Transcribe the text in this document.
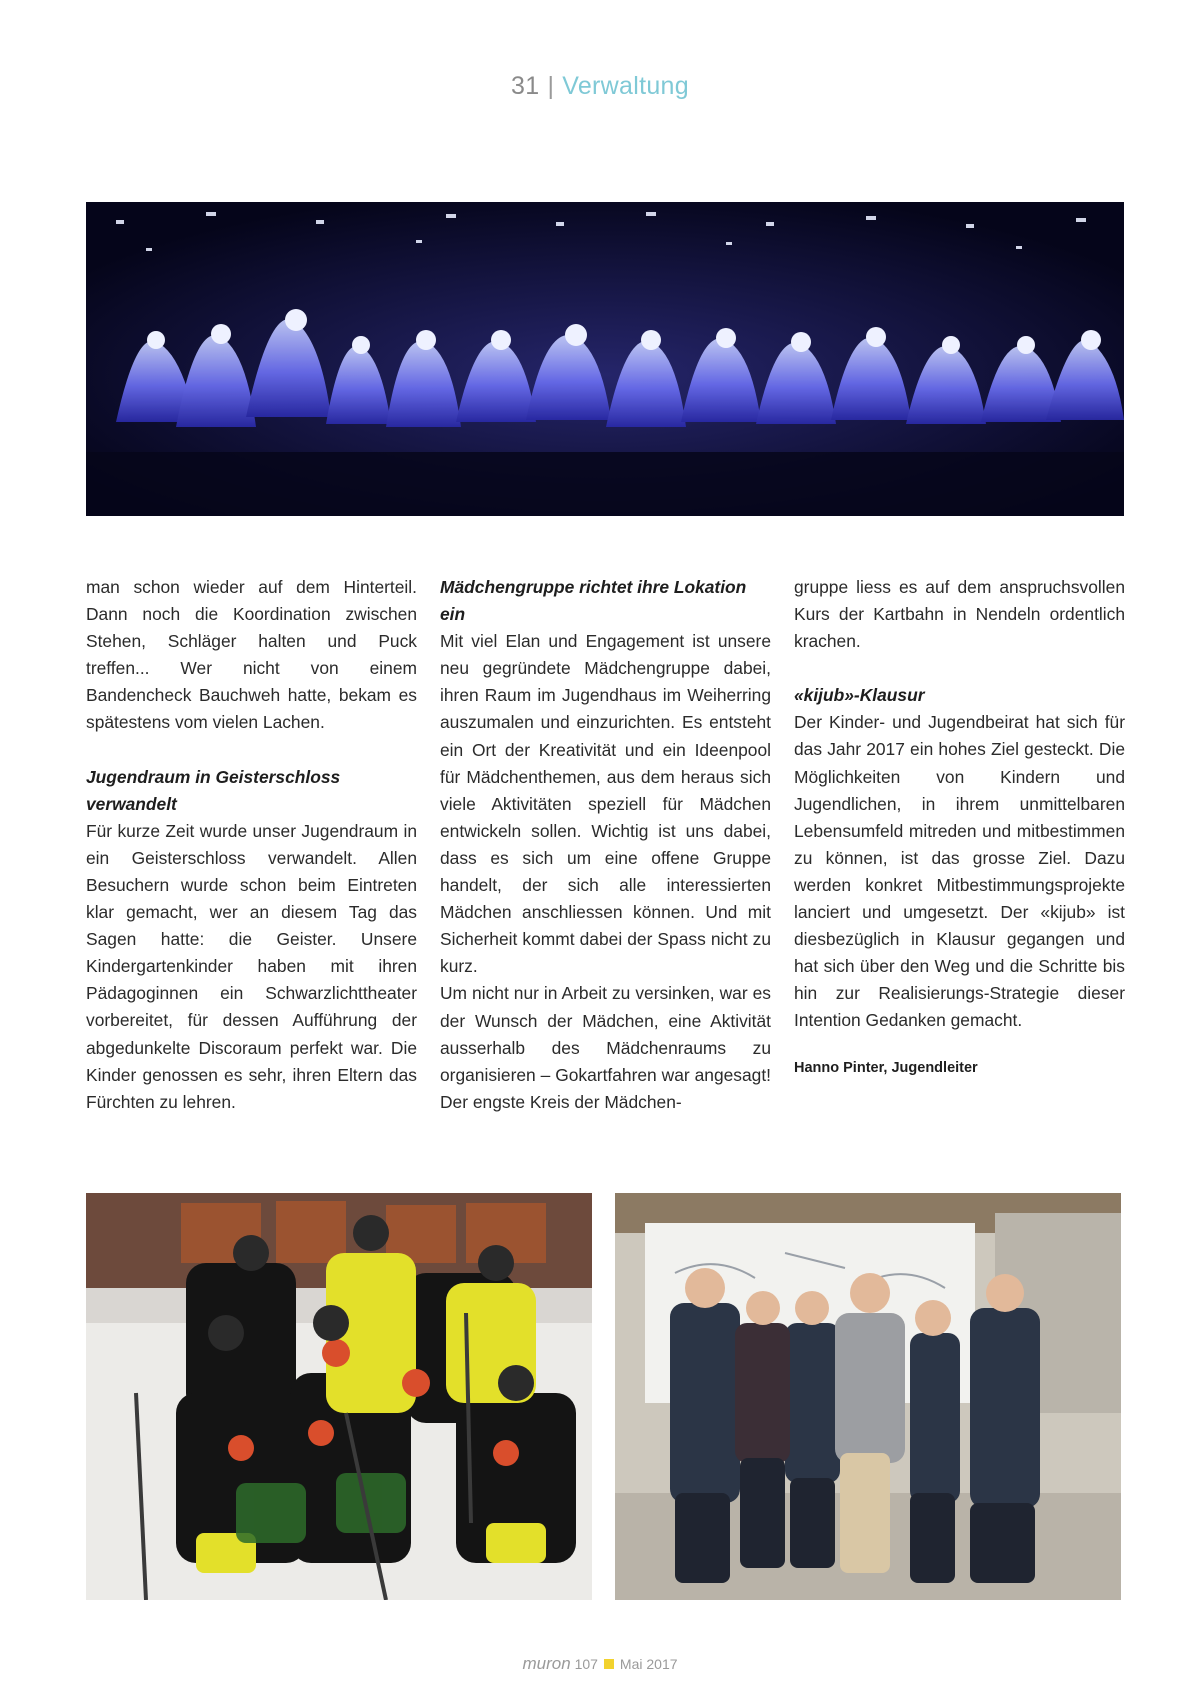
31 | Verwaltung

man schon wieder auf dem Hinterteil. Dann noch die Koordination zwischen Stehen, Schläger halten und Puck treffen... Wer nicht von einem Bandencheck Bauchweh hatte, bekam es spätestens vom vielen Lachen.

Jugendraum in Geisterschloss verwandelt

Für kurze Zeit wurde unser Jugendraum in ein Geisterschloss verwandelt. Allen Besuchern wurde schon beim Eintreten klar gemacht, wer an diesem Tag das Sagen hatte: die Geister. Unsere Kindergartenkinder haben mit ihren Pädagoginnen ein Schwarzlichttheater vorbereitet, für dessen Aufführung der abgedunkelte Discoraum perfekt war. Die Kinder genossen es sehr, ihren Eltern das Fürchten zu lehren.

Mädchengruppe richtet ihre Lokation ein

Mit viel Elan und Engagement ist unsere neu gegründete Mädchengruppe dabei, ihren Raum im Jugendhaus im Weiherring auszumalen und einzurichten. Es entsteht ein Ort der Kreativität und ein Ideenpool für Mädchenthemen, aus dem heraus sich viele Aktivitäten speziell für Mädchen entwickeln sollen. Wichtig ist uns dabei, dass es sich um eine offene Gruppe handelt, der sich alle interessierten Mädchen anschliessen können. Und mit Sicherheit kommt dabei der Spass nicht zu kurz.

Um nicht nur in Arbeit zu versinken, war es der Wunsch der Mädchen, eine Aktivität ausserhalb des Mädchenraums zu organisieren – Gokartfahren war angesagt! Der engste Kreis der Mädchen-

gruppe liess es auf dem anspruchsvollen Kurs der Kartbahn in Nendeln ordentlich krachen.

«kijub»-Klausur

Der Kinder- und Jugendbeirat hat sich für das Jahr 2017 ein hohes Ziel gesteckt. Die Möglichkeiten von Kindern und Jugendlichen, in ihrem unmittelbaren Lebensumfeld mitreden und mitbestimmen zu können, ist das grosse Ziel. Dazu werden konkret Mitbestimmungsprojekte lanciert und umgesetzt. Der «kijub» ist diesbezüglich in Klausur gegangen und hat sich über den Weg und die Schritte bis hin zur Realisierungs-Strategie dieser Intention Gedanken gemacht.

Hanno Pinter, Jugendleiter
muron 107 Mai 2017
